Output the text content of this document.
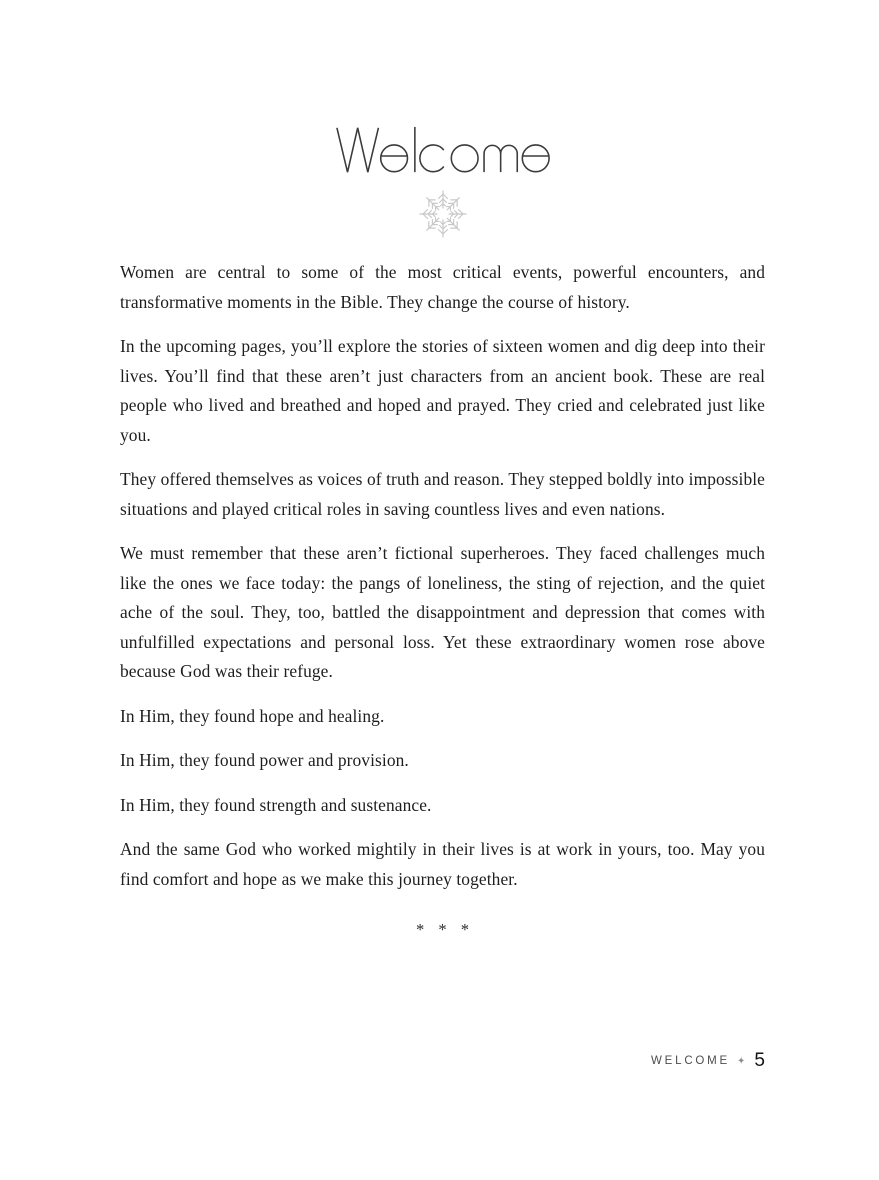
Women are central to some of the most critical events, powerful encounters, and transformative moments in the Bible. They change the course of history.

In the upcoming pages, you’ll explore the stories of sixteen women and dig deep into their lives. You’ll find that these aren’t just characters from an ancient book. These are real people who lived and breathed and hoped and prayed. They cried and celebrated just like you.

They offered themselves as voices of truth and reason. They stepped boldly into impossible situations and played critical roles in saving countless lives and even nations.

We must remember that these aren’t fictional superheroes. They faced challenges much like the ones we face today: the pangs of loneliness, the sting of rejection, and the quiet ache of the soul. They, too, battled the disappointment and depression that comes with unfulfilled expectations and personal loss. Yet these extraordinary women rose above because God was their refuge.

In Him, they found hope and healing.

In Him, they found power and provision.

In Him, they found strength and sustenance.

And the same God who worked mightily in their lives is at work in yours, too. May you find comfort and hope as we make this journey together.

* * *
WELCOME ✦ 5
